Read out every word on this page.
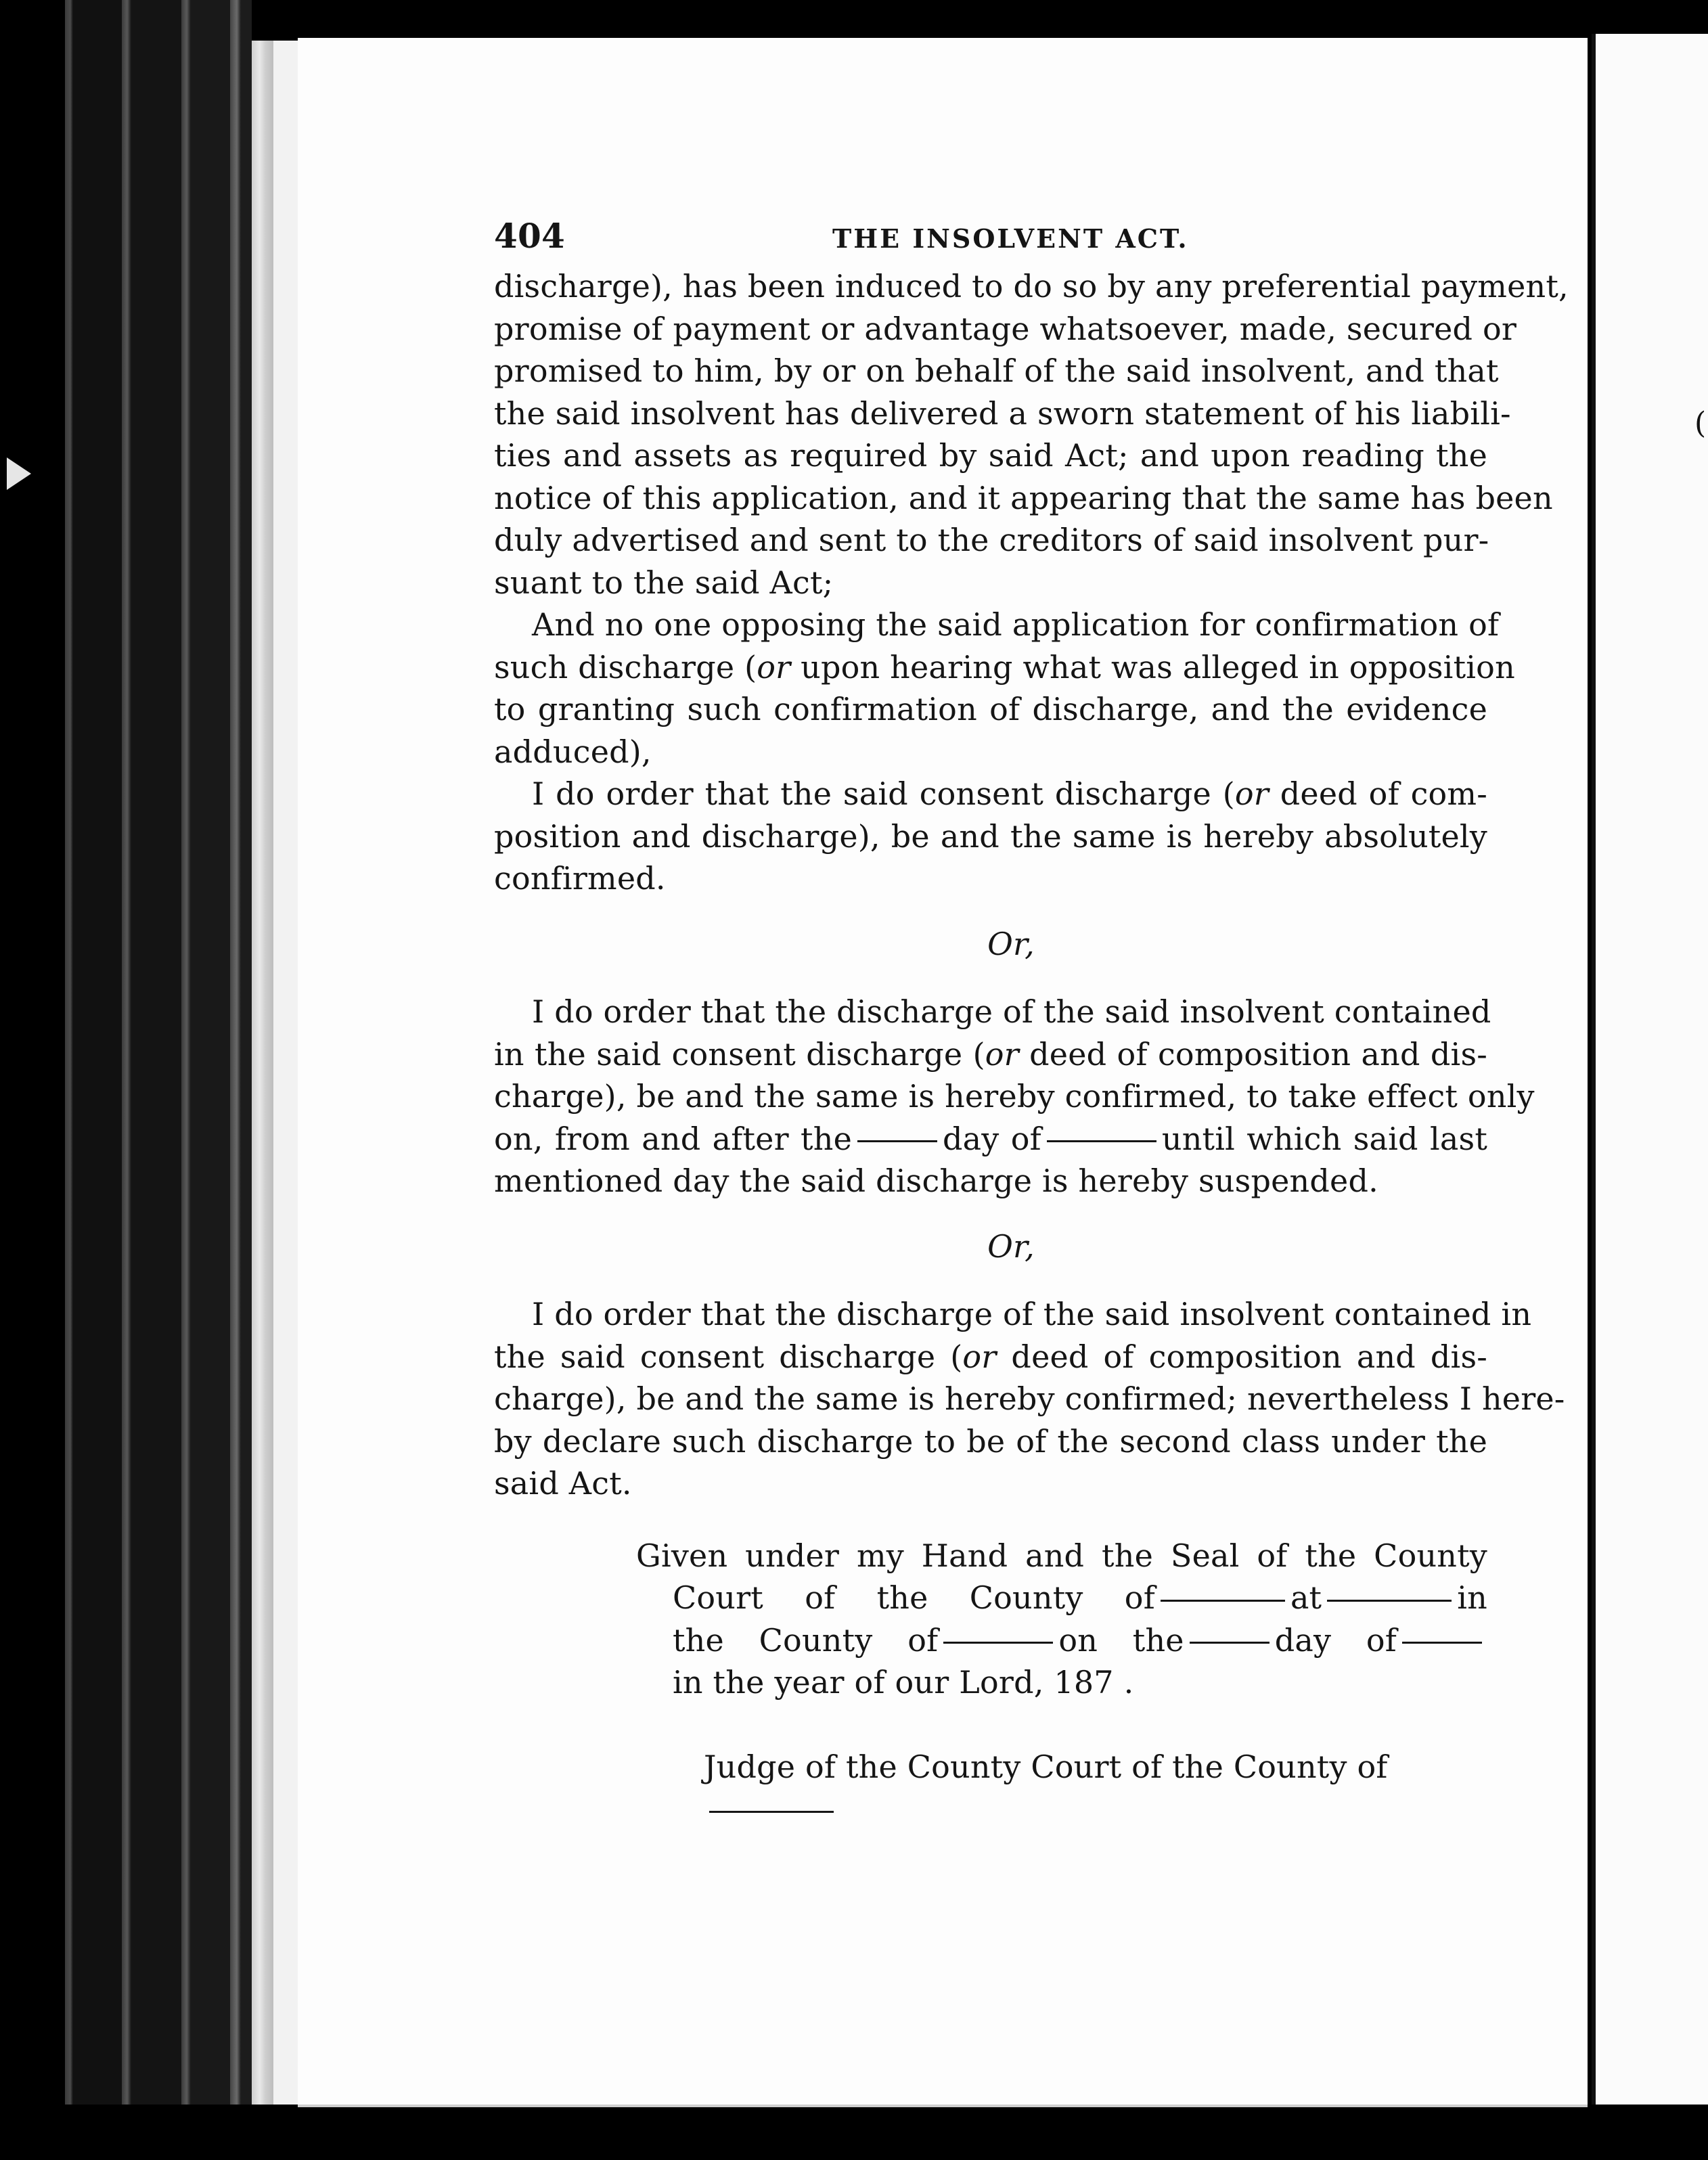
(
404	THE INSOLVENT ACT.
discharge), has been induced to do so by any preferential payment,
promise of payment or advantage whatsoever, made, secured or
promised to him, by or on behalf of the said insolvent, and that
the said insolvent has delivered a sworn statement of his liabili-
ties and assets as required by said Act; and upon reading the
notice of this application, and it appearing that the same has been
duly advertised and sent to the creditors of said insolvent pur-
suant to the said Act;
And no one opposing the said application for confirmation of
such discharge (or upon hearing what was alleged in opposition
to granting such confirmation of discharge, and the evidence
adduced),
I do order that the said consent discharge (or deed of com-
position and discharge), be and the same is hereby absolutely
confirmed.
Or,
I do order that the discharge of the said insolvent contained
in the said consent discharge (or deed of composition and dis-
charge), be and the same is hereby confirmed, to take effect only
on, from and after the	day of	until which said last
mentioned day the said discharge is hereby suspended.
Or,
I do order that the discharge of the said insolvent contained in
the said consent discharge (or deed of composition and dis-
charge), be and the same is hereby confirmed; nevertheless I here-
by declare such discharge to be of the second class under the
said Act.
Given under my Hand and the Seal of the County
Court of the County of	at	in
the County of	on the	day of
in the year of our Lord, 187 .
Judge of the County Court of the County of
